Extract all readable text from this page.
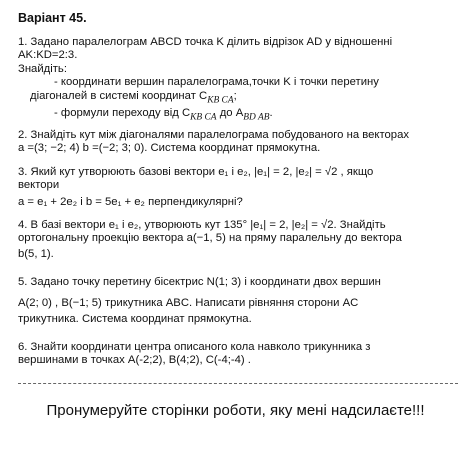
Варіант 45.
1. Задано паралелограм ABCD точка K ділить відрізок AD у відношенні
AK:KD=2:3.
Знайдіть:
- координати вершин паралелограма,точки K і точки перетину
діагоналей в системі координат $C_{KB CA}$;
- формули переходу від $C_{KB CA}$ до $A_{BD AB}$.
2. Знайдіть кут між діагоналями паралелограма побудованого на векторах
a =(3; −2; 4) b =(−2; 3; 0). Система координат прямокутна.
3. Який кут утворюють базові вектори e₁ і e₂, |e₁| = 2, |e₂| = √2 , якщо
вектори
a = e₁ + 2e₂ і b = 5e₁ + e₂ перпендикулярні?
4. В базі вектори e₁ і e₂, утворюють кут 135° |e₁| = 2, |e₂| = √2. Знайдіть
ортогональну проекцію вектора a(−1, 5) на пряму паралельну до вектора
b(5, 1).
5. Задано точку перетину бісектрис N(1; 3) і координати двох вершин
A(2; 0) , B(−1; 5) трикутника ABC. Написати рівняння сторони AC
трикутника. Система координат прямокутна.
6. Знайти координати центра описаного кола навколо трикунника з
вершинами в точках A(-2;2), B(4;2), C(-4;-4) .
Пронумеруйте сторінки роботи, яку мені надсилаєте!!!
